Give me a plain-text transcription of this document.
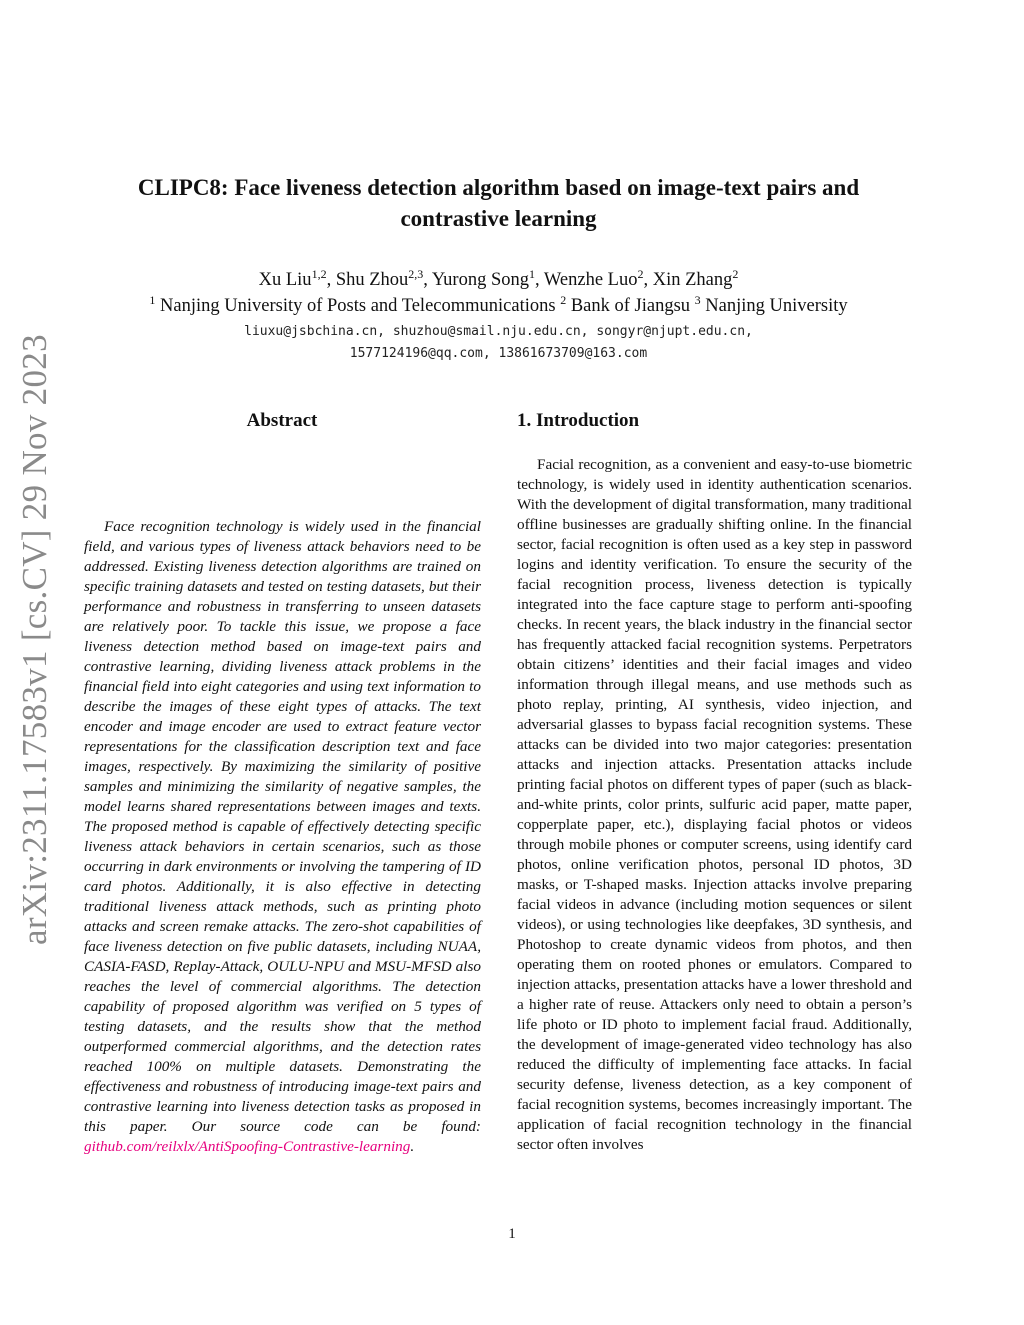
arXiv:2311.17583v1 [cs.CV] 29 Nov 2023
CLIPC8: Face liveness detection algorithm based on image-text pairs and contrastive learning
Xu Liu$^{1,2}$, Shu Zhou$^{2,3}$, Yurong Song$^1$, Wenzhe Luo$^2$, Xin Zhang$^2$
$^1$ Nanjing University of Posts and Telecommunications $^2$ Bank of Jiangsu $^3$ Nanjing University
liuxu@jsbchina.cn, shuzhou@smail.nju.edu.cn, songyr@njupt.edu.cn,
1577124196@qq.com, 13861673709@163.com
Abstract

Face recognition technology is widely used in the financial field, and various types of liveness attack behaviors need to be addressed. Existing liveness detection algorithms are trained on specific training datasets and tested on testing datasets, but their performance and robustness in transferring to unseen datasets are relatively poor. To tackle this issue, we propose a face liveness detection method based on image-text pairs and contrastive learning, dividing liveness attack problems in the financial field into eight categories and using text information to describe the images of these eight types of attacks. The text encoder and image encoder are used to extract feature vector representations for the classification description text and face images, respectively. By maximizing the similarity of positive samples and minimizing the similarity of negative samples, the model learns shared representations between images and texts. The proposed method is capable of effectively detecting specific liveness attack behaviors in certain scenarios, such as those occurring in dark environments or involving the tampering of ID card photos. Additionally, it is also effective in detecting traditional liveness attack methods, such as printing photo attacks and screen remake attacks. The zero-shot capabilities of face liveness detection on five public datasets, including NUAA, CASIA-FASD, Replay-Attack, OULU-NPU and MSU-MFSD also reaches the level of commercial algorithms. The detection capability of proposed algorithm was verified on 5 types of testing datasets, and the results show that the method outperformed commercial algorithms, and the detection rates reached 100% on multiple datasets. Demonstrating the effectiveness and robustness of introducing image-text pairs and contrastive learning into liveness detection tasks as proposed in this paper. Our source code can be found: github.com/reilxlx/AntiSpoofing-Contrastive-learning.

1. Introduction

Facial recognition, as a convenient and easy-to-use biometric technology, is widely used in identity authentication scenarios. With the development of digital transformation, many traditional offline businesses are gradually shifting online. In the financial sector, facial recognition is often used as a key step in password logins and identity verification. To ensure the security of the facial recognition process, liveness detection is typically integrated into the face capture stage to perform anti-spoofing checks. In recent years, the black industry in the financial sector has frequently attacked facial recognition systems. Perpetrators obtain citizens’ identities and their facial images and video information through illegal means, and use methods such as photo replay, printing, AI synthesis, video injection, and adversarial glasses to bypass facial recognition systems. These attacks can be divided into two major categories: presentation attacks and injection attacks. Presentation attacks include printing facial photos on different types of paper (such as black-and-white prints, color prints, sulfuric acid paper, matte paper, copperplate paper, etc.), displaying facial photos or videos through mobile phones or computer screens, using identify card photos, online verification photos, personal ID photos, 3D masks, or T-shaped masks. Injection attacks involve preparing facial videos in advance (including motion sequences or silent videos), or using technologies like deepfakes, 3D synthesis, and Photoshop to create dynamic videos from photos, and then operating them on rooted phones or emulators. Compared to injection attacks, presentation attacks have a lower threshold and a higher rate of reuse. Attackers only need to obtain a person’s life photo or ID photo to implement facial fraud. Additionally, the development of image-generated video technology has also reduced the difficulty of implementing face attacks. In facial security defense, liveness detection, as a key component of facial recognition systems, becomes increasingly important. The application of facial recognition technology in the financial sector often involves

1
